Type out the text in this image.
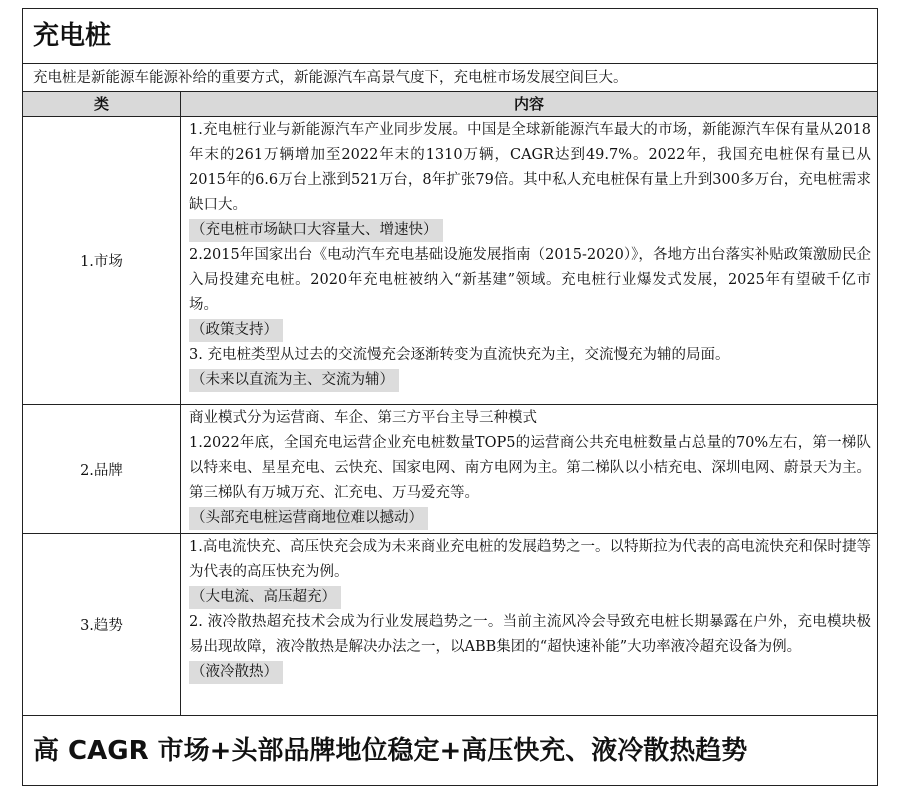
充电桩
充电桩是新能源车能源补给的重要方式，新能源汽车高景气度下，充电桩市场发展空间巨大。
类	内容
1.市场

1.充电桩行业与新能源汽车产业同步发展。中国是全球新能源汽车最大的市场，新能源汽车保有量从2018年末的261万辆增加至2022年末的1310万辆，CAGR达到49.7%。2022年，我国充电桩保有量已从2015年的6.6万台上涨到521万台，8年扩张79倍。其中私人充电桩保有量上升到300多万台，充电桩需求缺口大。

（充电桩市场缺口大容量大、增速快）

2.2015年国家出台《电动汽车充电基础设施发展指南（2015-2020）》，各地方出台落实补贴政策激励民企入局投建充电桩。2020年充电桩被纳入“新基建”领域。充电桩行业爆发式发展，2025年有望破千亿市场。

（政策支持）

3. 充电桩类型从过去的交流慢充会逐渐转变为直流快充为主，交流慢充为辅的局面。

（未来以直流为主、交流为辅）
2.品牌

商业模式分为运营商、车企、第三方平台主导三种模式

1.2022年底，全国充电运营企业充电桩数量TOP5的运营商公共充电桩数量占总量的70%左右，第一梯队以特来电、星星充电、云快充、国家电网、南方电网为主。第二梯队以小桔充电、深圳电网、蔚景天为主。第三梯队有万城万充、汇充电、万马爱充等。

（头部充电桩运营商地位难以撼动）
3.趋势

1.高电流快充、高压快充会成为未来商业充电桩的发展趋势之一。以特斯拉为代表的高电流快充和保时捷等为代表的高压快充为例。

（大电流、高压超充）

2. 液冷散热超充技术会成为行业发展趋势之一。当前主流风冷会导致充电桩长期暴露在户外，充电模块极易出现故障，液冷散热是解决办法之一，以ABB集团的“超快速补能”大功率液冷超充设备为例。

（液冷散热）
高 CAGR 市场+头部品牌地位稳定+高压快充、液冷散热趋势
